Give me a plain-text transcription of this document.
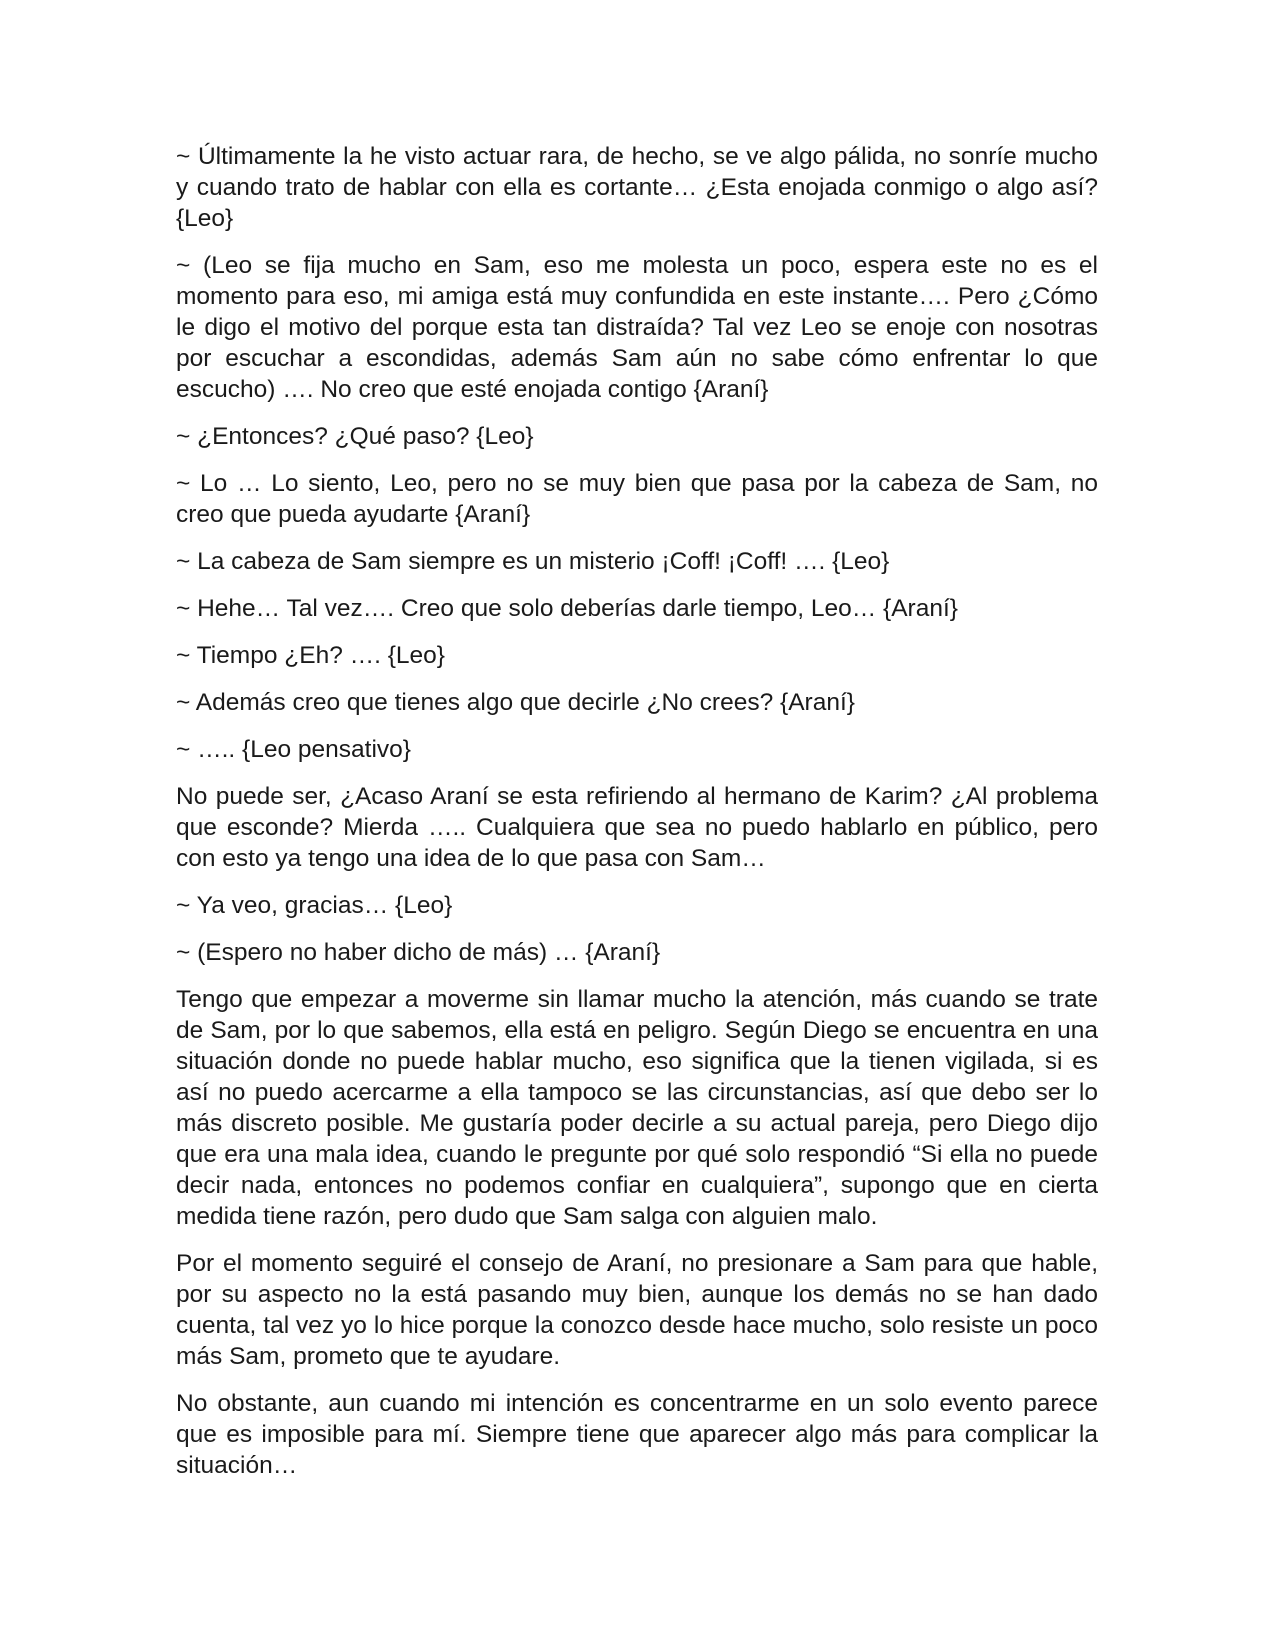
~ Últimamente la he visto actuar rara, de hecho, se ve algo pálida, no sonríe mucho y cuando trato de hablar con ella es cortante… ¿Esta enojada conmigo o algo así? {Leo}

~ (Leo se fija mucho en Sam, eso me molesta un poco, espera este no es el momento para eso, mi amiga está muy confundida en este instante…. Pero ¿Cómo le digo el motivo del porque esta tan distraída? Tal vez Leo se enoje con nosotras por escuchar a escondidas, además Sam aún no sabe cómo enfrentar lo que escucho) …. No creo que esté enojada contigo {Araní}

~ ¿Entonces? ¿Qué paso? {Leo}

~ Lo … Lo siento, Leo, pero no se muy bien que pasa por la cabeza de Sam, no creo que pueda ayudarte {Araní}

~ La cabeza de Sam siempre es un misterio ¡Coff! ¡Coff! …. {Leo}

~ Hehe… Tal vez…. Creo que solo deberías darle tiempo, Leo… {Araní}

~ Tiempo ¿Eh? …. {Leo}

~ Además creo que tienes algo que decirle ¿No crees? {Araní}

~ ….. {Leo pensativo}

No puede ser, ¿Acaso Araní se esta refiriendo al hermano de Karim? ¿Al problema que esconde? Mierda ….. Cualquiera que sea no puedo hablarlo en público, pero con esto ya tengo una idea de lo que pasa con Sam…

~ Ya veo, gracias… {Leo}

~ (Espero no haber dicho de más) … {Araní}

Tengo que empezar a moverme sin llamar mucho la atención, más cuando se trate de Sam, por lo que sabemos, ella está en peligro. Según Diego se encuentra en una situación donde no puede hablar mucho, eso significa que la tienen vigilada, si es así no puedo acercarme a ella tampoco se las circunstancias, así que debo ser lo más discreto posible. Me gustaría poder decirle a su actual pareja, pero Diego dijo que era una mala idea, cuando le pregunte por qué solo respondió “Si ella no puede decir nada, entonces no podemos confiar en cualquiera”, supongo que en cierta medida tiene razón, pero dudo que Sam salga con alguien malo.

Por el momento seguiré el consejo de Araní, no presionare a Sam para que hable, por su aspecto no la está pasando muy bien, aunque los demás no se han dado cuenta, tal vez yo lo hice porque la conozco desde hace mucho, solo resiste un poco más Sam, prometo que te ayudare.

No obstante, aun cuando mi intención es concentrarme en un solo evento parece que es imposible para mí. Siempre tiene que aparecer algo más para complicar la situación…
